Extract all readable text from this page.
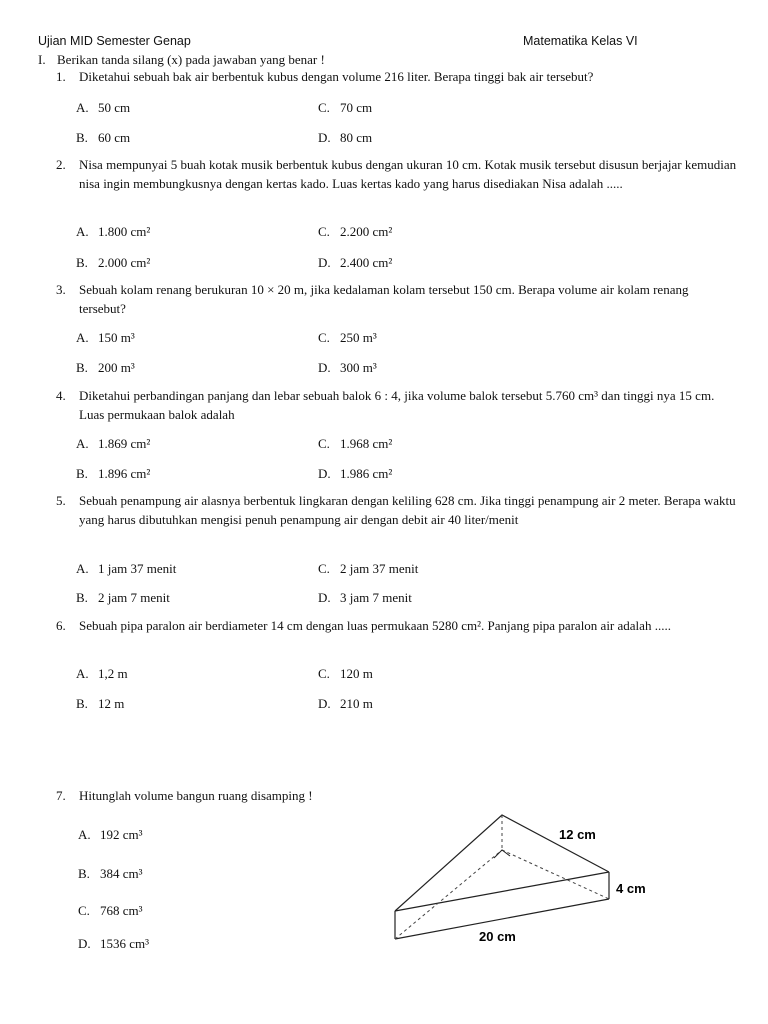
Ujian MID Semester Genap	Matematika Kelas VI
I. Berikan tanda silang (x) pada jawaban yang benar !
1. Diketahui sebuah bak air berbentuk kubus dengan volume 216 liter. Berapa tinggi bak air tersebut?
A. 50 cm
B. 60 cm
C. 70 cm
D. 80 cm
2. Nisa mempunyai 5 buah kotak musik berbentuk kubus dengan ukuran 10 cm. Kotak musik tersebut disusun berjajar kemudian nisa ingin membungkusnya dengan kertas kado. Luas kertas kado yang harus disediakan Nisa adalah .....
A. 1.800 cm²
B. 2.000 cm²
C. 2.200 cm²
D. 2.400 cm²
3. Sebuah kolam renang berukuran 10 × 20 m, jika kedalaman kolam tersebut 150 cm. Berapa volume air kolam renang tersebut?
A. 150 m³
B. 200 m³
C. 250 m³
D. 300 m³
4. Diketahui perbandingan panjang dan lebar sebuah balok 6 : 4, jika volume balok tersebut 5.760 cm³ dan tinggi nya 15 cm. Luas permukaan balok adalah
A. 1.869 cm²
B. 1.896 cm²
C. 1.968 cm²
D. 1.986 cm²
5. Sebuah penampung air alasnya berbentuk lingkaran dengan keliling 628 cm. Jika tinggi penampung air 2 meter. Berapa waktu yang harus dibutuhkan mengisi penuh penampung air dengan debit air 40 liter/menit
A. 1 jam 37 menit
B. 2 jam 7 menit
C. 2 jam 37 menit
D. 3 jam 7 menit
6. Sebuah pipa paralon air berdiameter 14 cm dengan luas permukaan 5280 cm². Panjang pipa paralon air adalah .....
A. 1,2 m
B. 12 m
C. 120 m
D. 210 m
7. Hitunglah volume bangun ruang disamping !
A. 192 cm³
B. 384 cm³
C. 768 cm³
D. 1536 cm³
12 cm
4 cm
20 cm
